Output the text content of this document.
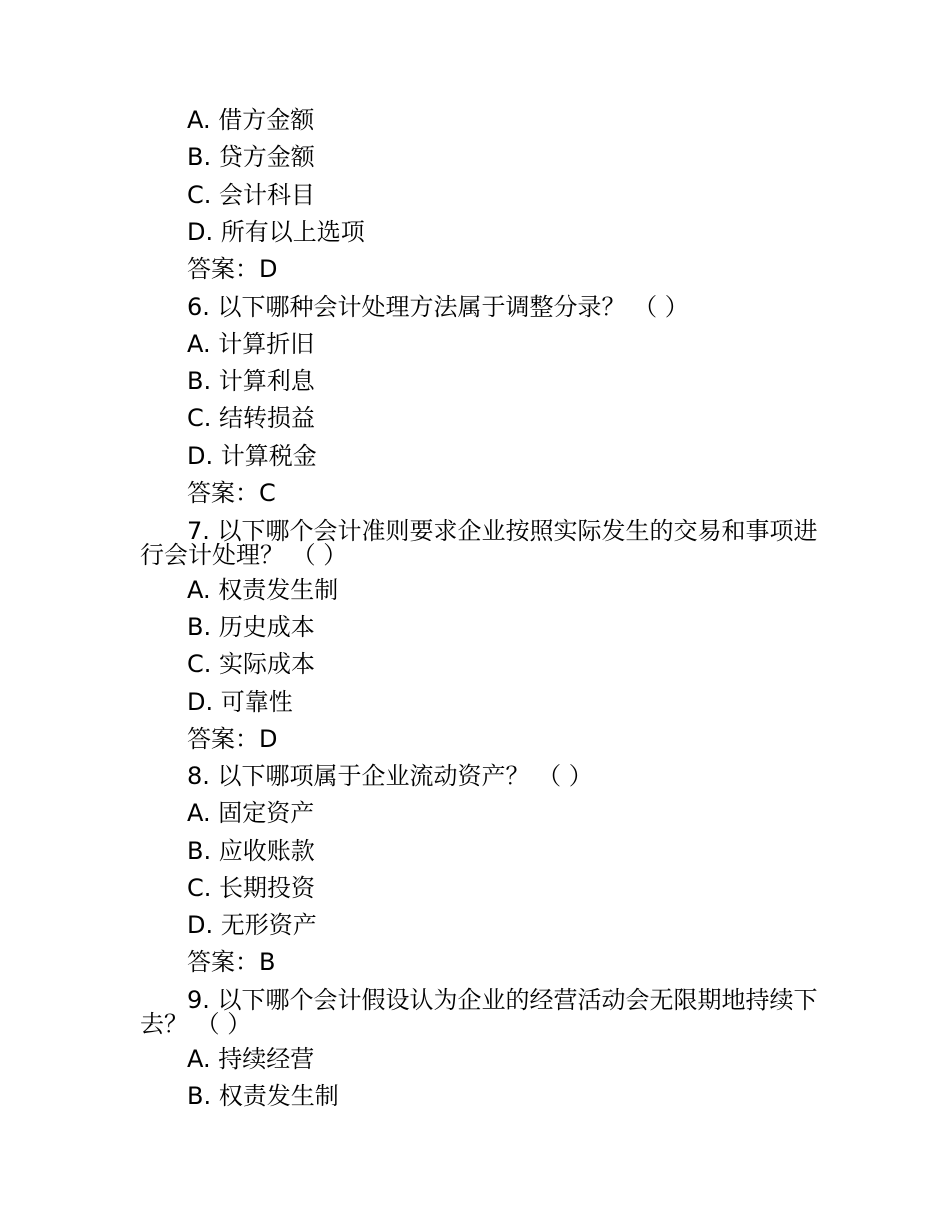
A. 借方金额
B. 贷方金额
C. 会计科目
D. 所有以上选项
答案：D
6. 以下哪种会计处理方法属于调整分录？ （ ）
A. 计算折旧
B. 计算利息
C. 结转损益
D. 计算税金
答案：C
7. 以下哪个会计准则要求企业按照实际发生的交易和事项进行会计处理？ （ ）
A. 权责发生制
B. 历史成本
C. 实际成本
D. 可靠性
答案：D
8. 以下哪项属于企业流动资产？ （ ）
A. 固定资产
B. 应收账款
C. 长期投资
D. 无形资产
答案：B
9. 以下哪个会计假设认为企业的经营活动会无限期地持续下去？ （ ）
A. 持续经营
B. 权责发生制
